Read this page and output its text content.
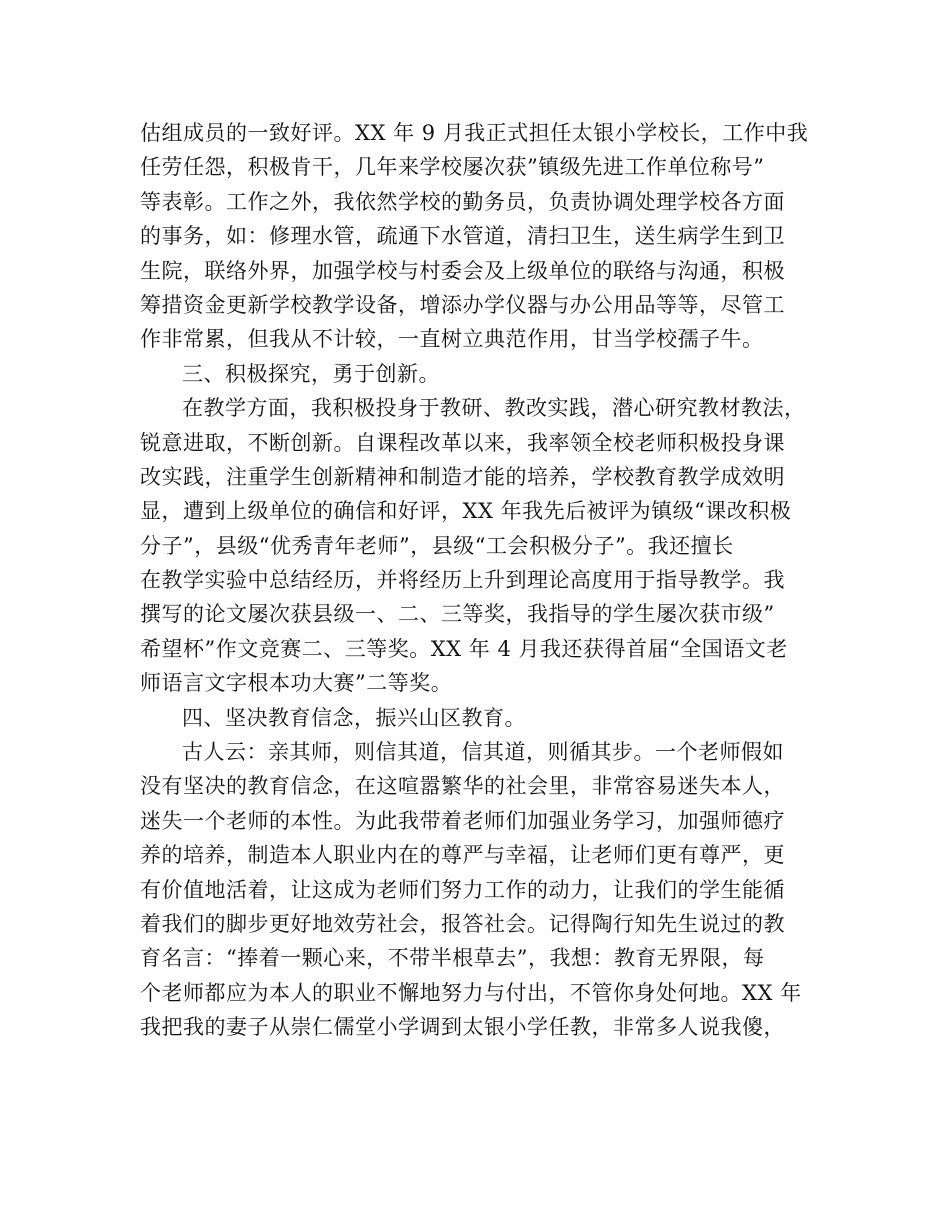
估组成员的一致好评。XX 年 9 月我正式担任太银小学校长，工作中我
任劳任怨，积极肯干，几年来学校屡次获”镇级先进工作单位称号”
等表彰。工作之外，我依然学校的勤务员，负责协调处理学校各方面
的事务，如：修理水管，疏通下水管道，清扫卫生，送生病学生到卫
生院，联络外界，加强学校与村委会及上级单位的联络与沟通，积极
筹措资金更新学校教学设备，增添办学仪器与办公用品等等，尽管工
作非常累，但我从不计较，一直树立典范作用，甘当学校孺子牛。
三、积极探究，勇于创新。
在教学方面，我积极投身于教研、教改实践，潜心研究教材教法，
锐意进取，不断创新。自课程改革以来，我率领全校老师积极投身课
改实践，注重学生创新精神和制造才能的培养，学校教育教学成效明
显，遭到上级单位的确信和好评，XX 年我先后被评为镇级“课改积极
分子”，县级“优秀青年老师”，县级“工会积极分子”。我还擅长
在教学实验中总结经历，并将经历上升到理论高度用于指导教学。我
撰写的论文屡次获县级一、二、三等奖，我指导的学生屡次获市级”
希望杯”作文竞赛二、三等奖。XX 年 4 月我还获得首届“全国语文老
师语言文字根本功大赛”二等奖。
四、坚决教育信念，振兴山区教育。
古人云：亲其师，则信其道，信其道，则循其步。一个老师假如
没有坚决的教育信念，在这喧嚣繁华的社会里，非常容易迷失本人，
迷失一个老师的本性。为此我带着老师们加强业务学习，加强师德疗
养的培养，制造本人职业内在的尊严与幸福，让老师们更有尊严，更
有价值地活着，让这成为老师们努力工作的动力，让我们的学生能循
着我们的脚步更好地效劳社会，报答社会。记得陶行知先生说过的教
育名言：“捧着一颗心来，不带半根草去”，我想：教育无界限，每
个老师都应为本人的职业不懈地努力与付出，不管你身处何地。XX 年
我把我的妻子从崇仁儒堂小学调到太银小学任教，非常多人说我傻，
